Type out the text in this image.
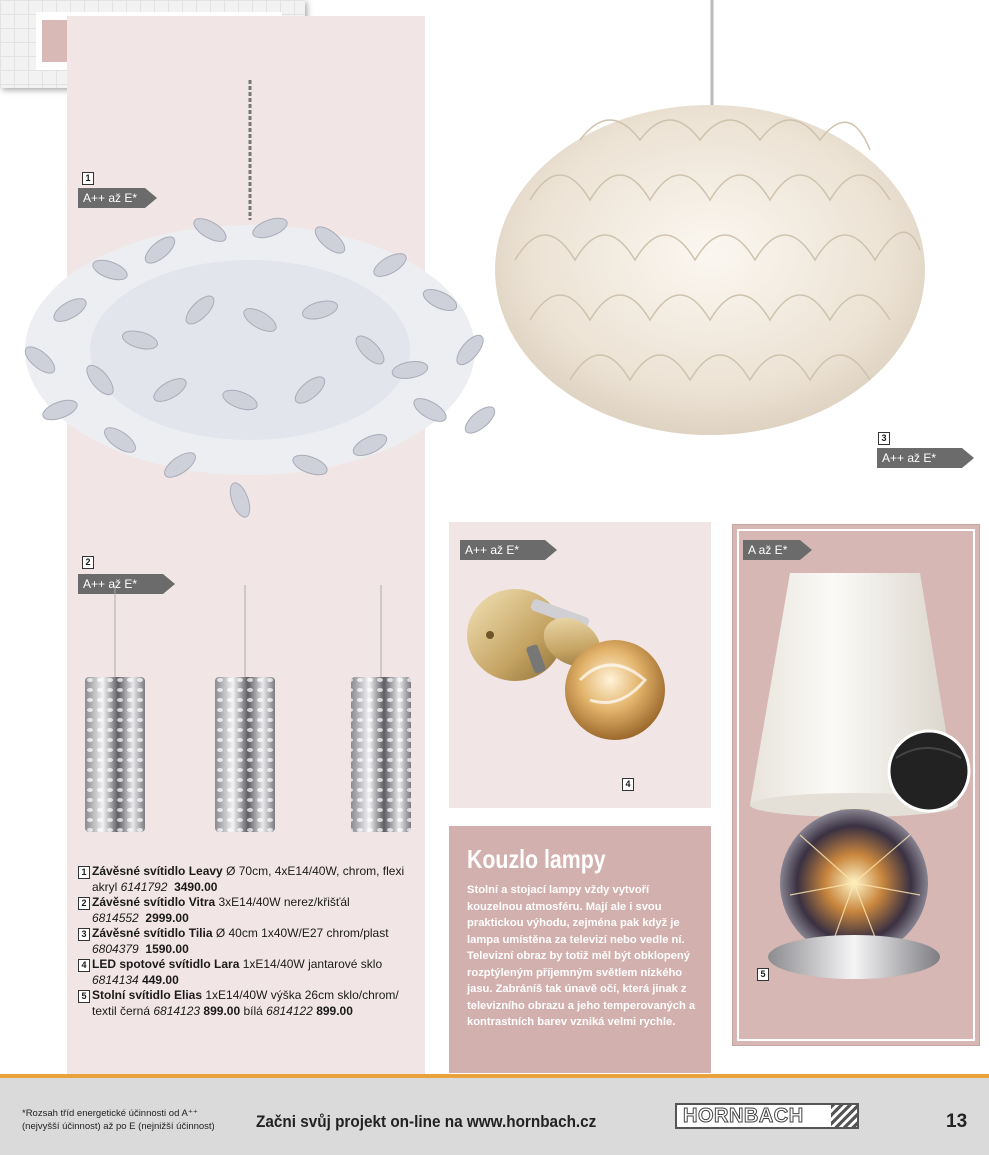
1
A++ až E*
3
A++ až E*
2
A++ až E*
1 Závěsné svítidlo Leavy Ø 70cm, 4xE14/40W, chrom, flexi akryl 6141792 3490.00
2 Závěsné svítidlo Vitra 3xE14/40W nerez/křišťál 6814552 2999.00
3 Závěsné svítidlo Tilia Ø 40cm 1x40W/E27 chrom/plast 6804379 1590.00
4 LED spotové svítidlo Lara 1xE14/40W jantarové sklo 6814134 449.00
5 Stolní svítidlo Elias 1xE14/40W výška 26cm sklo/chrom/ textil černá 6814123 899.00 bílá 6814122 899.00
A++ až E*
4
Kouzlo lampy

Stolní a stojací lampy vždy vytvoří kouzelnou atmosféru. Mají ale i svou praktickou výhodu, zejména pak když je lampa umístěna za televizí nebo vedle ní. Televizní obraz by totiž měl být obklopený rozptýleným příjemným světlem nízkého jasu. Zabráníš tak únavě očí, která jinak z televizního obrazu a jeho temperovaných a kontrastních barev vzniká velmi rychle.

A až E*
5
*Rozsah tříd energetické účinnosti od A⁺⁺
(nejvyšší účinnost) až po E (nejnižší účinnost)	Začni svůj projekt on-line na www.hornbach.cz	HORNBACH	13
